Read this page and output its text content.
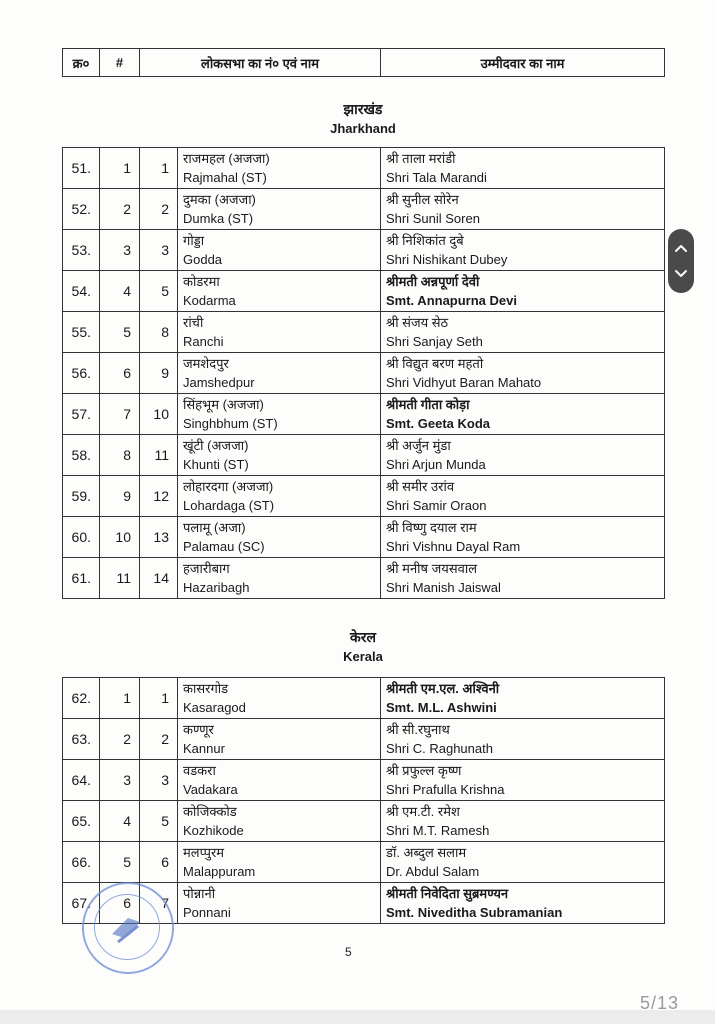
क्र०	#	लोकसभा का नं० एवं नाम	उम्मीदवार का नाम
झारखंड
Jharkhand
51.	1	1	राजमहल (अजजा)
Rajmahal (ST)	श्री ताला मरांडी
Shri Tala Marandi

52.	2	2	दुमका (अजजा)
Dumka (ST)	श्री सुनील सोरेन
Shri Sunil Soren

53.	3	3	गोड्डा
Godda	श्री निशिकांत दुबे
Shri Nishikant Dubey

54.	4	5	कोडरमा
Kodarma	श्रीमती अन्नपूर्णा देवी
Smt. Annapurna Devi

55.	5	8	रांची
Ranchi	श्री संजय सेठ
Shri Sanjay Seth

56.	6	9	जमशेदपुर
Jamshedpur	श्री विद्युत बरण महतो
Shri Vidhyut Baran Mahato

57.	7	10	सिंहभूम (अजजा)
Singhbhum (ST)	श्रीमती गीता कोड़ा
Smt. Geeta Koda

58.	8	11	खूंटी (अजजा)
Khunti (ST)	श्री अर्जुन मुंडा
Shri Arjun Munda

59.	9	12	लोहारदगा (अजजा)
Lohardaga (ST)	श्री समीर उरांव
Shri Samir Oraon

60.	10	13	पलामू (अजा)
Palamau (SC)	श्री विष्णु दयाल राम
Shri Vishnu Dayal Ram

61.	11	14	हजारीबाग
Hazaribagh	श्री मनीष जयसवाल
Shri Manish Jaiswal
केरल
Kerala
62.	1	1	कासरगोड
Kasaragod	श्रीमती एम.एल. अश्विनी
Smt. M.L. Ashwini

63.	2	2	कण्णूर
Kannur	श्री सी.रघुनाथ
Shri C. Raghunath

64.	3	3	वडकरा
Vadakara	श्री प्रफुल्ल कृष्ण
Shri Prafulla Krishna

65.	4	5	कोजिक्कोड
Kozhikode	श्री एम.टी. रमेश
Shri M.T. Ramesh

66.	5	6	मलप्पुरम
Malappuram	डॉ. अब्दुल सलाम
Dr. Abdul Salam

67.	6	7	पोन्नानी
Ponnani	श्रीमती निवेदिता सुब्रमण्यन
Smt. Niveditha Subramanian
5
5/13
